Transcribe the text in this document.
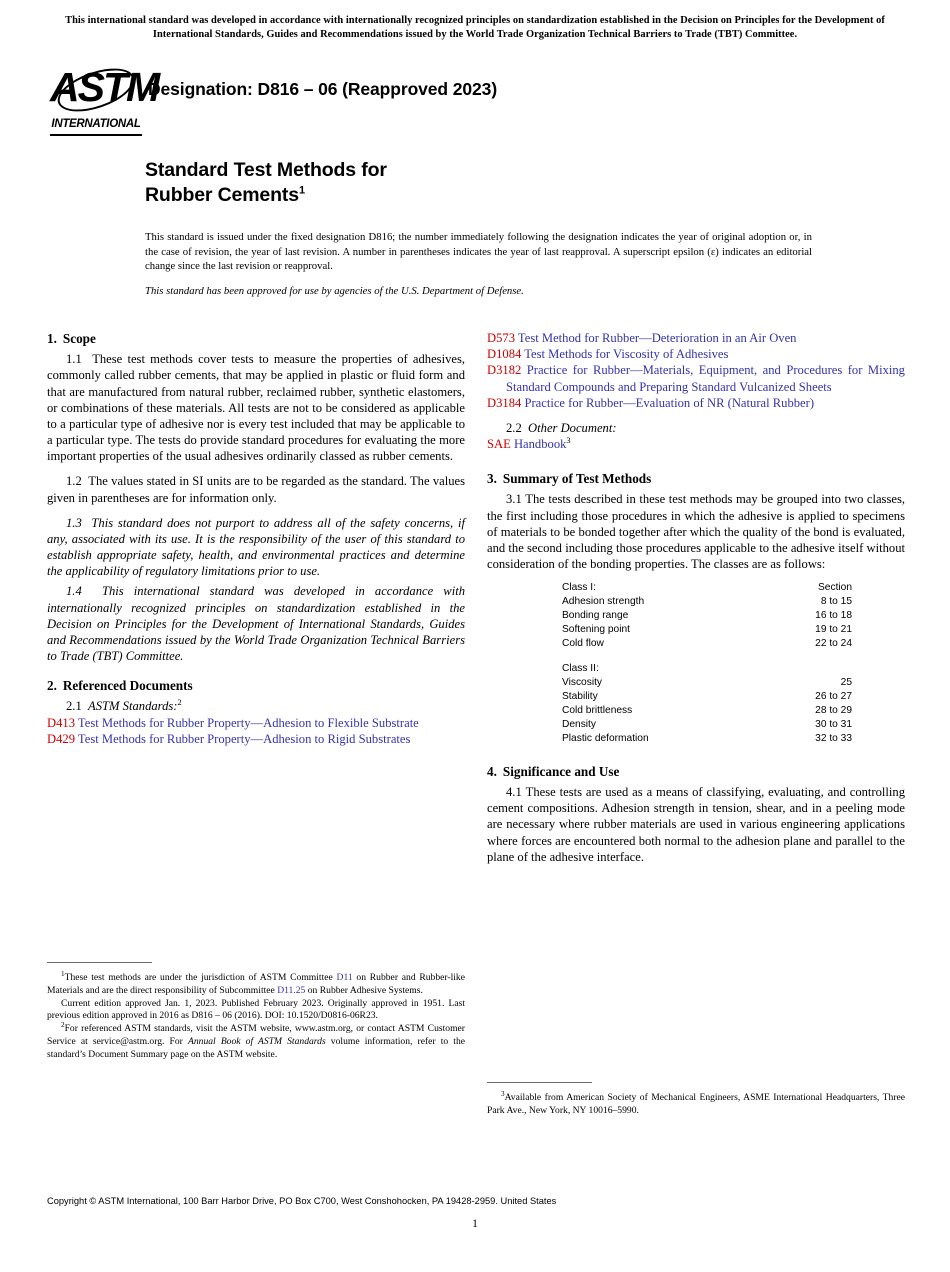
This international standard was developed in accordance with internationally recognized principles on standardization established in the Decision on Principles for the Development of International Standards, Guides and Recommendations issued by the World Trade Organization Technical Barriers to Trade (TBT) Committee.
ASTM
INTERNATIONAL
Designation: D816 – 06 (Reapproved 2023)
Standard Test Methods for
Rubber Cements$^1$
This standard is issued under the fixed designation D816; the number immediately following the designation indicates the year of original adoption or, in the case of revision, the year of last revision. A number in parentheses indicates the year of last reapproval. A superscript epsilon (ε) indicates an editorial change since the last revision or reapproval.
This standard has been approved for use by agencies of the U.S. Department of Defense.
1. Scope

1.1 These test methods cover tests to measure the properties of adhesives, commonly called rubber cements, that may be applied in plastic or fluid form and that are manufactured from natural rubber, reclaimed rubber, synthetic elastomers, or combinations of these materials. All tests are not to be considered as applicable to a particular type of adhesive nor is every test included that may be applicable to a particular type. The tests do provide standard procedures for evaluating the more important properties of the usual adhesives ordinarily classed as rubber cements.

1.2 The values stated in SI units are to be regarded as the standard. The values given in parentheses are for information only.

1.3 This standard does not purport to address all of the safety concerns, if any, associated with its use. It is the responsibility of the user of this standard to establish appropriate safety, health, and environmental practices and determine the applicability of regulatory limitations prior to use.

1.4 This international standard was developed in accordance with internationally recognized principles on standardization established in the Decision on Principles for the Development of International Standards, Guides and Recommendations issued by the World Trade Organization Technical Barriers to Trade (TBT) Committee.

2. Referenced Documents

2.1 ASTM Standards:$^2$

D413 Test Methods for Rubber Property—Adhesion to Flexible Substrate

D429 Test Methods for Rubber Property—Adhesion to Rigid Substrates

D573 Test Method for Rubber—Deterioration in an Air Oven

D1084 Test Methods for Viscosity of Adhesives

D3182 Practice for Rubber—Materials, Equipment, and Procedures for Mixing Standard Compounds and Preparing Standard Vulcanized Sheets

D3184 Practice for Rubber—Evaluation of NR (Natural Rubber)

2.2 Other Document:

SAE Handbook$^3$

3. Summary of Test Methods

3.1 The tests described in these test methods may be grouped into two classes, the first including those procedures in which the adhesive is applied to specimens of materials to be bonded together after which the quality of the bond is evaluated, and the second including those procedures applicable to the adhesive itself without consideration of the bonding properties. The classes are as follows:

Class I:	Section
Adhesion strength	8 to 15
Bonding range	16 to 18
Softening point	19 to 21
Cold flow	22 to 24

Class II:	
Viscosity	25
Stability	26 to 27
Cold brittleness	28 to 29
Density	30 to 31
Plastic deformation	32 to 33
4. Significance and Use

4.1 These tests are used as a means of classifying, evaluating, and controlling cement compositions. Adhesion strength in tension, shear, and in a peeling mode are necessary where rubber materials are used in various engineering applications where forces are encountered both normal to the adhesion plane and parallel to the plane of the adhesive interface.

$^1$These test methods are under the jurisdiction of ASTM Committee D11 on Rubber and Rubber-like Materials and are the direct responsibility of Subcommittee D11.25 on Rubber Adhesive Systems.

Current edition approved Jan. 1, 2023. Published February 2023. Originally approved in 1951. Last previous edition approved in 2016 as D816 – 06 (2016). DOI: 10.1520/D0816-06R23.

$^2$For referenced ASTM standards, visit the ASTM website, www.astm.org, or contact ASTM Customer Service at service@astm.org. For Annual Book of ASTM Standards volume information, refer to the standard’s Document Summary page on the ASTM website.

$^3$Available from American Society of Mechanical Engineers, ASME International Headquarters, Three Park Ave., New York, NY 10016–5990.

Copyright © ASTM International, 100 Barr Harbor Drive, PO Box C700, West Conshohocken, PA 19428-2959. United States
1
